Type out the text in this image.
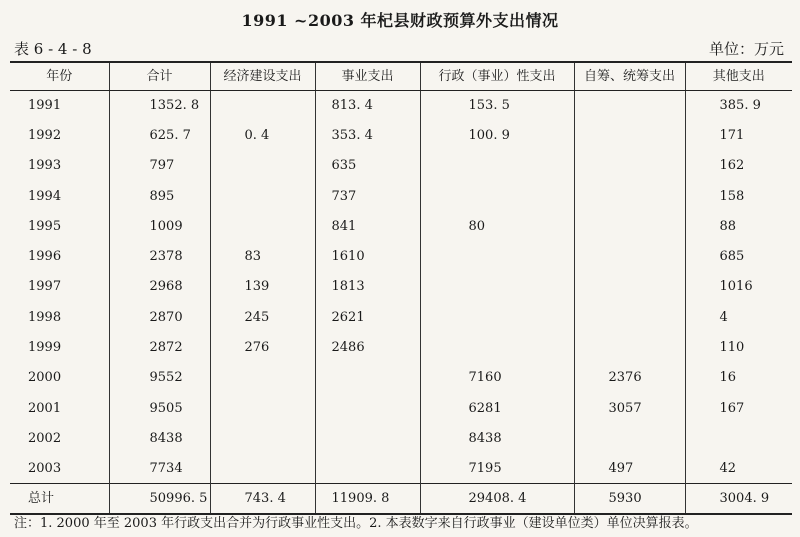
1991 ~2003 年杞县财政预算外支出情况
表 6 - 4 - 8	单位：万元
年份	合计	经济建设支出	事业支出	行政（事业）性支出	自筹、统筹支出	其他支出
1991	1352. 8		813. 4	153. 5		385. 9
1992	625. 7	0. 4	353. 4	100. 9		171
1993	797		635			162
1994	895		737			158
1995	1009		841	80		88
1996	2378	83	1610			685
1997	2968	139	1813			1016
1998	2870	245	2621			4
1999	2872	276	2486			110
2000	9552			7160	2376	16
2001	9505			6281	3057	167
2002	8438			8438		
2003	7734			7195	497	42
总计	50996. 5	743. 4	11909. 8	29408. 4	5930	3004. 9
注：1. 2000 年至 2003 年行政支出合并为行政事业性支出。2. 本表数字来自行政事业（建设单位类）单位决算报表。
